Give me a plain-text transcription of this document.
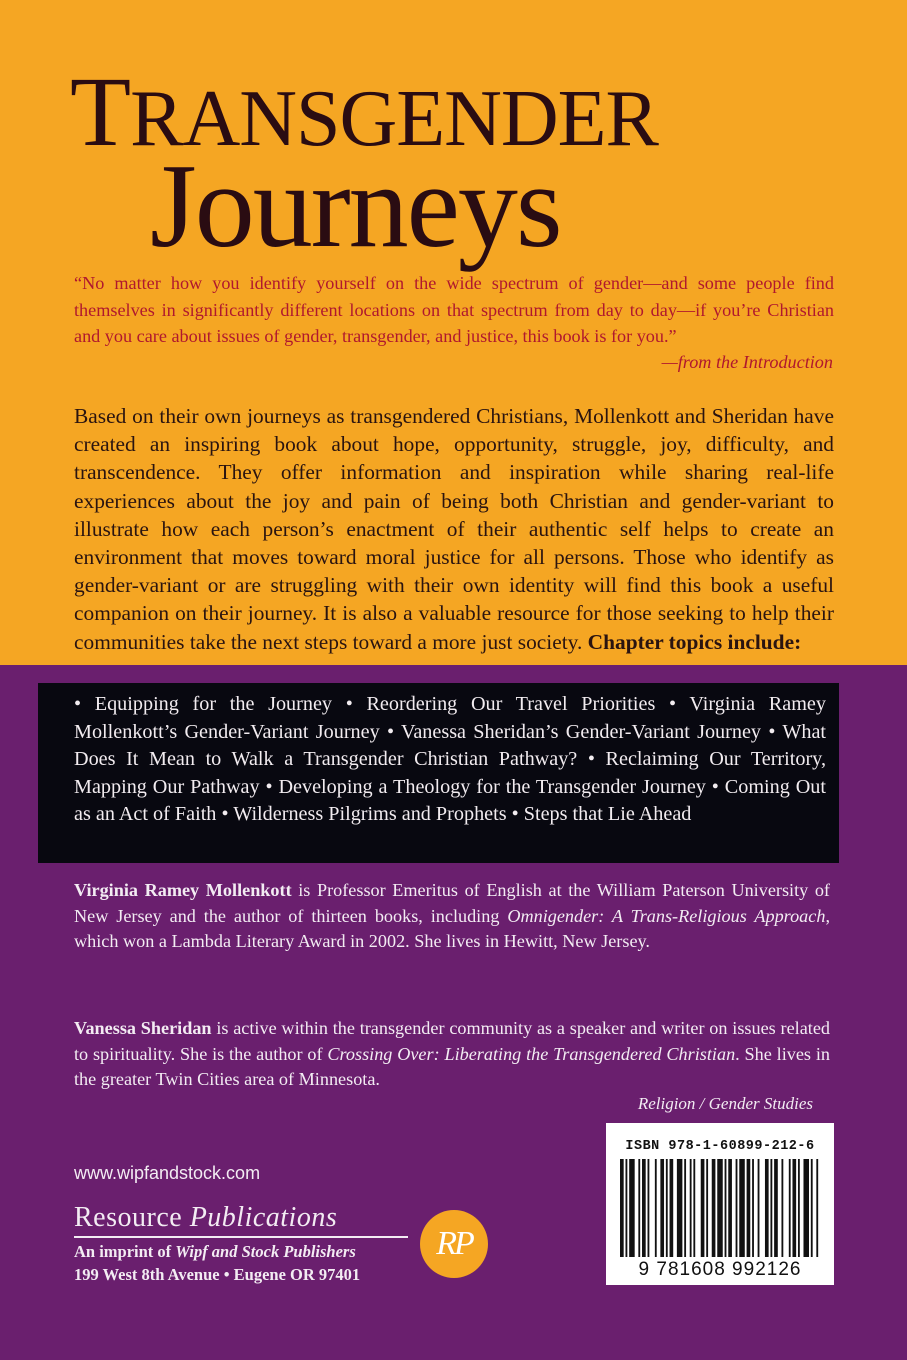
TRANSGENDER
Journeys
“No matter how you identify yourself on the wide spectrum of gender—and some people find themselves in significantly different locations on that spectrum from day to day—if you’re Christian and you care about issues of gender, transgender, and justice, this book is for you.”
—from the Introduction
Based on their own journeys as transgendered Christians, Mollenkott and Sheridan have created an inspiring book about hope, opportunity, struggle, joy, difficulty, and transcendence. They offer information and inspiration while sharing real-life experiences about the joy and pain of being both Christian and gender-variant to illustrate how each person’s enactment of their authentic self helps to create an environment that moves toward moral justice for all persons. Those who identify as gender-variant or are struggling with their own identity will find this book a useful companion on their journey. It is also a valuable resource for those seeking to help their communities take the next steps toward a more just society. Chapter topics include:

• Equipping for the Journey • Reordering Our Travel Priorities • Virginia Ramey Mollenkott’s Gender-Variant Journey • Vanessa Sheridan’s Gender-Variant Journey • What Does It Mean to Walk a Transgender Christian Pathway? • Reclaiming Our Territory, Mapping Our Pathway • Developing a Theology for the Transgender Journey • Coming Out as an Act of Faith • Wilderness Pilgrims and Prophets • Steps that Lie Ahead

Virginia Ramey Mollenkott is Professor Emeritus of English at the William Paterson University of New Jersey and the author of thirteen books, including Omnigender: A Trans-Religious Approach, which won a Lambda Literary Award in 2002. She lives in Hewitt, New Jersey.
Vanessa Sheridan is active within the transgender community as a speaker and writer on issues related to spirituality. She is the author of Crossing Over: Liberating the Transgendered Christian. She lives in the greater Twin Cities area of Minnesota.
Religion / Gender Studies
www.wipfandstock.com
Resource Publications
An imprint of Wipf and Stock Publishers
199 West 8th Avenue • Eugene OR 97401
RP
ISBN 978-1-60899-212-6
9 781608 992126
